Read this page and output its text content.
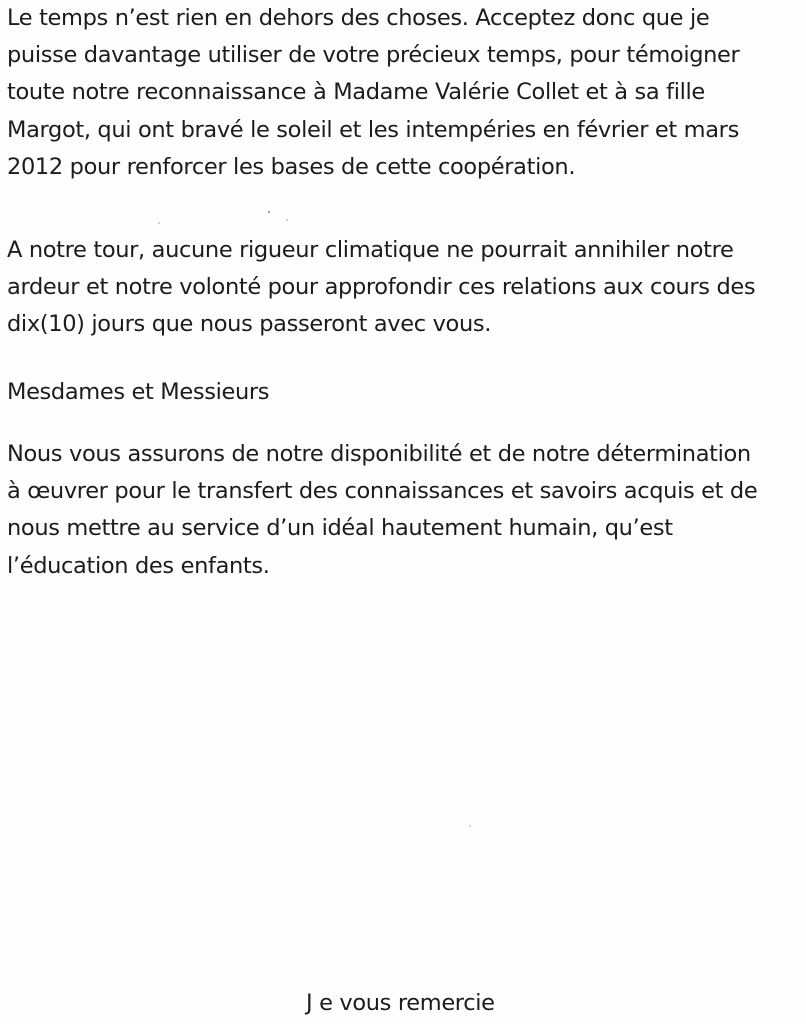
Le temps n’est rien en dehors des choses. Acceptez donc que je
puisse davantage utiliser de votre précieux temps, pour témoigner
toute notre reconnaissance à Madame Valérie Collet et à sa fille
Margot, qui ont bravé le soleil et les intempéries en février et mars
2012 pour renforcer les bases de cette coopération.

A notre tour, aucune rigueur climatique ne pourrait annihiler notre
ardeur et notre volonté pour approfondir ces relations aux cours des
dix(10) jours que nous passeront avec vous.

Mesdames et Messieurs

Nous vous assurons de notre disponibilité et de notre détermination
à œuvrer pour le transfert des connaissances et savoirs acquis et de
nous mettre au service d’un idéal hautement humain, qu’est
l’éducation des enfants.

J e vous remercie
